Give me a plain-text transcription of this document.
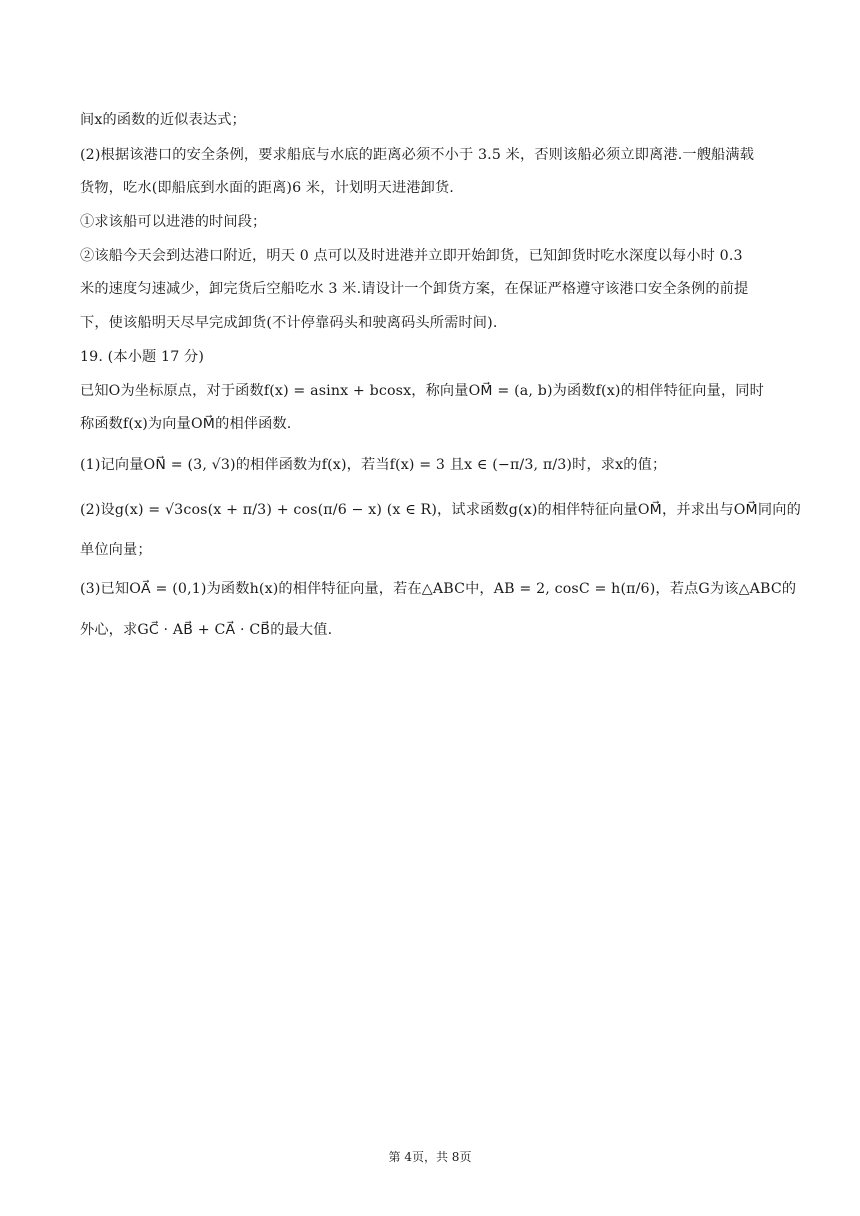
间x的函数的近似表达式；
(2)根据该港口的安全条例，要求船底与水底的距离必须不小于 3.5 米，否则该船必须立即离港.一艘船满载
货物，吃水(即船底到水面的距离)6 米，计划明天进港卸货.
①求该船可以进港的时间段；
②该船今天会到达港口附近，明天 0 点可以及时进港并立即开始卸货，已知卸货时吃水深度以每小时 0.3
米的速度匀速减少，卸完货后空船吃水 3 米.请设计一个卸货方案，在保证严格遵守该港口安全条例的前提
下，使该船明天尽早完成卸货(不计停靠码头和驶离码头所需时间).
19. (本小题 17 分)
已知O为坐标原点，对于函数f(x) = asinx + bcosx，称向量OM⃗ = (a, b)为函数f(x)的相伴特征向量，同时
称函数f(x)为向量OM⃗的相伴函数.
(1)记向量ON⃗ = (3, √3)的相伴函数为f(x)，若当f(x) = 3 且x ∈ (−π/3, π/3)时，求x的值；
(2)设g(x) = √3cos(x + π/3) + cos(π/6 − x) (x ∈ R)，试求函数g(x)的相伴特征向量OM⃗，并求出与OM⃗同向的
单位向量；
(3)已知OA⃗ = (0,1)为函数h(x)的相伴特征向量，若在△ABC中，AB = 2, cosC = h(π/6)，若点G为该△ABC的
外心，求GC⃗ · AB⃗ + CA⃗ · CB⃗的最大值.
第 4页，共 8页
